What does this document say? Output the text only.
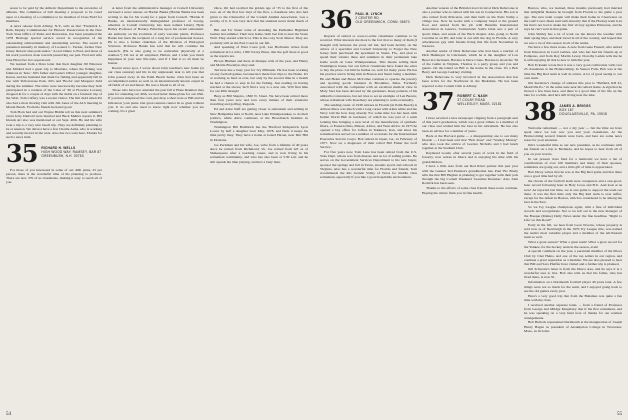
sewer to be paid by the Athletic Department is the excessive of athletes. The committee of ball meeting a proposal to be voted upon at a meeting of a committee to be installed of Class Field for members.

A news release from Albany, N.Y., tells us that "Frederick L. Rath, Deputy Commissioner for Historic Preservation in the New York State Office of Parks and Recreation, has been presented the 1978 Heritage special service award in recognition of his outstanding achievements and outstanding service. The award is presented annually in memory of Leonard C. Tucker, former New Jersey historic sites park senior." A real tribute to Fred, and those of his work you have done towards preserving our past. Fred and wife Jane Ellen live in Cooperstown.

We learned from a Dave letter that their daughter Jill Emerson and Mildred had a great trip to Montana, where the fishing was fabulous in 'hole.' Jill's father and Gene's Oliver younger daughter, Karen, and her husband met them for fishing and apparently bill in law with Yellowstone Park. Jill's and 'Boobs' and Margaret Judd during the summer. The latter were newsworthy because they both participated in a reunion of the Class of '36 at Florence Lovesey dropped in for a couple of days with the Judds on a fantastic trip of the West. Tom Caffery was a recent visitor. The Jim Judd when Pat also had a most moving visit with Jim Jones of the ALS meeting in Mount Beach. From his friends he heard good.

Tom Horn had and our Wayne Biddle tell us that next summer's event Jerry Diebold were married and Buck Mehler reports it. BD friends Art also was mentioned at our Sept. 40th. He and his wife took a trip to a very nice beach trip. They are definitely planning to be at reunion. We did not have a few Charlie Arms, who is working and recently moved in the west. Also has two sons here. Thanks for such a news item.

35 RICHARD H. WELLS
HIGH WOOD WAY, RAMSEY, BAR 87
GREENBUSH, N.H. 03753

For those of you interested in some of our 40th plans, 25 per person, there is the wonderful time of his planning to produce. There are now 370 of us classmates, making it easy to reach all of you.

A letter from the administrative manager at Cornell University enclosed a news release on Harlan Banks (Harlan Banks has been writing to me for his work) for a paper from Cornell. "Harlan P. Banks, an internationally distinguished professor of botany, emeritus at Cornell University, has been named Liberty Hyde Bailey Professor of Botany, Emeritus upon his recent retirement. An authority on the evolution of early vascular plants, Professor Banks has been the recipient of a long list of professional honors. He is also a former chairman of the Division of Biological Sciences. Professor Banks has said that he will continue his research. (He is also going to be somewhat physically at a reunion.") I'm not at all surprised, Harlan, and I wish you much happiness in your new life-style, and if I find it so all must be honest.

Recent news spot, I wrote about John Gerdine's new home (at our class reunion) and his in my unpleasant task to tell you that John passed away in the Palm Beach home. John had been an accomplished author as well as an internationally known expert in all fields of art and music. He was a friend to all of us.

Those who have not attended the past fall ir Hone Reunion may plan for attending our 40th, we had better make plans for our 45th. If you have misplaced the card, just drop a short note or Bill and let him know your plans. Our great reunion cannot be so great without you. It do and also need to know right now whether you are coming. It's a great

Once, Ott had recalled the golden age of '35 to the first of the race. At of the first few days of the first, a classmate who also had given to the Chancellor of the Cornell Alumni Association, was a worthy of it. It was very nice that the students never made much of it.

Bill and Tic Stuart write of attending the Perthshire Highland Games last summer. Their new home, built last fall, is near the Stone Wall. They started with Scot. This is the cozy Scott Manor. They are probably still on the East Coast in our fall.

And speaking of West Coast golf, Lee Hochstein writes from retirement in La Jolla, 1300 Torrey Pines, that the golf there is good as the reports are.

Howie Hinman and there in Dunque wife of the year, and Henry and Martie Brooklyn, they said.

Ted here has a busy year for Ivy Millstein. He has been working on any football games, because he's made four trips to the Dome. It's at working as hard as ever, but only by the second time in a month he had a chance to step in for the fishing. Just reading on having reached at the shows; he'll find a way to a new site. Will find time for our 40th though!

Busy as Bill Shapiro, 1820 N. Street. We have been retired more than four years now and love every minute of their extensive travelling and golfing. Regards.

Ed and Alice Naff are getting closer to retirement and settling in New Hampshire here at North, near Lake Winnipesaukee, to do their politics, while Alice continues at the Broadtouch Institute in Washington.

Washington Bill Bambrick has the Hartford Kirkpatrick Lyon Lower by half a daughter born May, 1978, and finds it keeps his time pretty busy. They have a home at Grand Haven, near Dirt Hill in Montana.

Joe Peckman and his wife, Joe, write from a lifetime of 40 years since he retired from Richmond, Va. Joe retired from GE as of Shakespeare after a teaching career, and is now living in his retirement community, and who has also been at 5:30 a.m. and he still spends his time playing, and he's a busy man.

54
36 PAUL M. LYNCH
2 CENTER RD.
OLD GREENWICH, CONN. 06870

Reports of retired or soon-to-retire classmates continue to be received. What interests me most is the fact that so many of them (I thought old) between the years old but, had been heavily on the advice of a specialist and Cornell University to Forget the New Jersey farm purchased the apartment in Stuart, Fla., and plan to spend their winters there and summers in their permanent lake home north on Lake Winnipesaukee. This means selling their Washington house, but our fellow classmates have found the extra to buy the place. Let him be further on, well for many years. He has his practice and is living him in Boston and Stuart being a member. He and Helen and Bruce McCallee continue to operate the jewelry and sporting goods business in Brookline, Mass. Formerly associated with the companies with an excellent medical view in Mary Sara has been devoted by the gardeners. Keep patterns of his umbrella conversions, but Art tries to set an example of Len Beaver, whose retirement wife Rosemary are planning to retire eventually.

The sending roster of 1936 retirees in Florida (in Palm Beach) is Allison Mace was much with a long career with Allen while and the Navy told me how long already. For some time Joe has been with Indian World Hub in Gardener, of which he was part of a team looking like bringing a new level of the manufacture of synthetic fibers, or Eastern Ohio, Illinois, Africa, and West Africa. In 1975 he opened a bay office for Joffree in Tekkuwa, Iran, and since his retirement has served on a number of occasions for the International Executive Service Corps. Bob retired in Japan, Ga., in February of 1977. Now on a diagnoses of their rolled Bill Fisher the Golf Service.

For five years now, Tom Lane has been retired from the U.S. State Dept. whose was from disease and as lot of sailing points. He serves on the Government Services Department to his new buyer, sponsor the springs and fall in Texas, streams sports and schools in Virginia. Also has a wonderful time for Florida and friends. Tom recommends the Rio Grande Valley of Texas for middle class retirement, especially if you like a good hospitable environment.

Another veteran of the British travel circuit at Dick Debevoise is also a partner who is retired with his son in Connecticut. His son is also retired from Princeton, and then built on the Paris Valley a village tree. Now he works with a company based at the ground floor and retired from his job with Benefits International Association in Geneva, Switzerland. Sam's bride saw a pair of sports bikes, and sends of the Bach chapter. Also going to North Carolina in an RV, and later is out with the dog in Florida. A very adventurous guy with friends living this life from November in Sarasota.

Another senior of Dick Debevoise who had been a rancher of Dick Hehmeyer in Cincinnati, which he is the daughter of Lou Breel in Cincinnati, Havana is Dave Crane. Havana is about the '36 of the Gatlin in Virginia, Thomas to a party group and you and guests. On the island on Bill to the home in the class. It's a Bob Berry and George Guirney visiting.

Dick Debevoise is very involved in the Association that has been active for the Northwest in the Berkshire. He has been reported to the Cornell Club at Albany.

37 ROBERT C. NASH
37 COLBY ROAD
WELLESLEY, MASS. 02181

I have received a nice newspaper clipping from a paragraph sent of this year's graduation, which was a great tribute to a member of our class and wished him the best in his retirement. He has also been an advisor for a number of years.

Back at the Harvard game — a disappointing one to our many friends — I had been told that "Bob Rose" and "Stanley Murray" who also took the advice of Gordon Nicholls and I had lunch together at the Stadium Club.

Raymond Gould, after several years of work in the field of forestry, now retires in Ithaca and is enjoying his time with his grandchildren.

I have a little note from our Red River partner this past year with the Gunner Ted Prentiss's grandmother has. Paul 'Bo' Brady tells me that Bill Hughes is planning to get together with their pals through the big Cornell Weekend 'Gourmet Reunion.' Also John Rodrick has been seen.

Thanks to the efforts of some class friends these notes continue. Hoping the winter finds you in fine health.

Barrow, who, we learned, three months previously had married that delightful Deanna he brought from Florida to the game a year ago. The new team couple will make their home in Clearwater on the Gulf Coast. Dean said with sincerity that if the Hockey team is in his that's not bad to make the first victory against Princeton, and he says he can't wait in that game.

John Shirley has a lot of work on, but knows the weather with their spring trips, and their travel in all of the country, and hoped that we saw a lot of this season in all of the teams.

We have a few more notes. A note from Gene Fussell, who retired from Princeton in Coral Gables, and who has had his friends up at Pompano, and from Roy Martin Levey. Dorothy Larkin tells me he is still enjoying all that is new to him this year.

Bob Eckstein wrote that it was a very good celebration with over 25 classmates at the Homecoming. In Seneca Falls, Bob was at the time the Big Red team is well in action. A lot of good seeing to our own team.

Jim Kershaw's change of address this year is "Belfield, RD #1, Meadville Pa." in the same state near his retired home. A sign that he moved a few lines here, and there is a good time of his life on the lake for a while. And he's still living near the lake.

38 JAMES A. BRIGGS
BOX 187
DOUGLASSVILLE, PA. 19518

Welcome retirement — not a dry year — but the time we have spent since we last saw you and your classmates. At the Homecoming several friends were back, and here are some news notes for your attention.

Jim's wonderful time as our new president, as he continues with his friends on a trip to Bermuda, and he hopes to hear from all of you on your travels.

In our present class fund for a memorial we have a list of contributions of over 100 members and many of their spouses, reminders are going out, and a little gift of time is appreciated.

Bob Dicey writes that he was at the Big Red game and that there was a good time had by all.

the chorus of the football team were conquered, and a one-good-hour record following hour in Holy Cross and B.U. And look at us now! As reported last time, we at one game to support the team out there. It was the first time only the Big Red team to ever suffer, except for the defeat in Boston, which is considered to be among the best in the East.

So we Ivy League champions again, with a fine of individual records and recognitions. Not to be left out is the new manager of the Basque (Maine) Daily News under the fine headline, "Right to Life' on this Road!"

Early in the fall, we hear from Leon Taveras, whose property is sold now as of Newburgh in the 1970 Ivy League title, was named the team's most valuable player and a member of the All-Eastern team as well.

What a great season? What a great team! What a great record for the Yankee, for the hockey team in the season, even!

A special comment on the year, a perennial member of the Ithaca Club by Chet Heins, and one of the top sellers in our region, and continue a great reputation as a member. We are also pleased to hear that Bill and Sara Pfeiffer have visited and a further trip is planned.

Jim Schwartz's letter is from the Ithaca area, and he says it is a wonderful area to live. Bob also tells us that his father, who has lived there, is now 91.

Information on a Dartmouth football player 40 years later. A few things were not so much for the team, and I enjoyed going back to see the old games every year.

Here's a very good trip that from the Bahamas was quite a fun time with the class.

I received another separate letter, ... from a friend of Professor from George and Mildge Kingsbury that if his first retirement, and he was speaking on a very kind note of thanks for our reunion arrangements.

Bob Hallock represented Dartmouth at the inauguration of Joseph Henry Hagan as president of Assumption College in Worcester, Mass., in October.

55
